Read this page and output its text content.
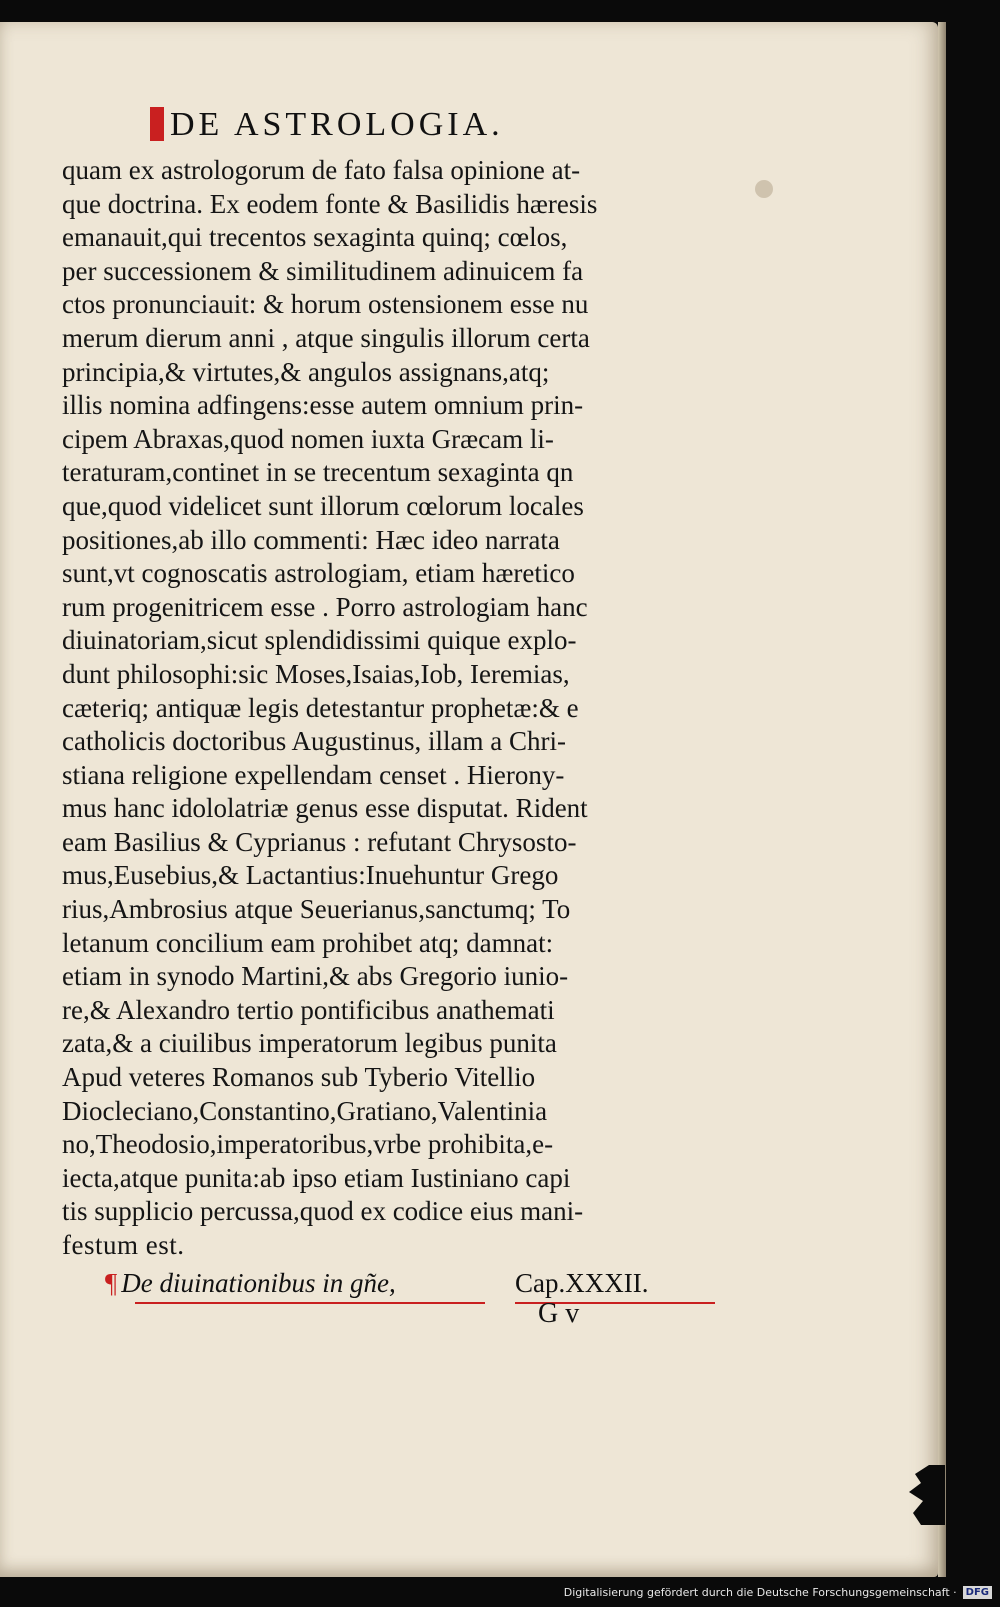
DE ASTROLOGIA.
quam ex astrologorum de fato falsa opinione at-
que doctrina. Ex eodem fonte & Basilidis hæresis
emanauit,qui trecentos sexaginta quinq; cœlos,
per successionem & similitudinem adinuicem fa
ctos pronunciauit: & horum ostensionem esse nu
merum dierum anni , atque singulis illorum certa
principia,& virtutes,& angulos assignans,atq;
illis nomina adfingens:esse autem omnium prin-
cipem Abraxas,quod nomen iuxta Græcam li-
teraturam,continet in se trecentum sexaginta qn
que,quod videlicet sunt illorum cœlorum locales
positiones,ab illo commenti: Hæc ideo narrata
sunt,vt cognoscatis astrologiam, etiam hæretico
rum progenitricem esse . Porro astrologiam hanc
diuinatoriam,sicut splendidissimi quique explo-
dunt philosophi:sic Moses,Isaias,Iob, Ieremias,
cæteriq; antiquæ legis detestantur prophetæ:& e
catholicis doctoribus Augustinus, illam a Chri-
stiana religione expellendam censet . Hierony-
mus hanc idololatriæ genus esse disputat. Rident
eam Basilius & Cyprianus : refutant Chrysosto-
mus,Eusebius,& Lactantius:Inuehuntur Grego
rius,Ambrosius atque Seuerianus,sanctumq; To
letanum concilium eam prohibet atq; damnat:
etiam in synodo Martini,& abs Gregorio iunio-
re,& Alexandro tertio pontificibus anathemati
zata,& a ciuilibus imperatorum legibus punita
Apud veteres Romanos sub Tyberio Vitellio
Diocleciano,Constantino,Gratiano,Valentinia
no,Theodosio,imperatoribus,vrbe prohibita,e-
iecta,atque punita:ab ipso etiam Iustiniano capi
tis supplicio percussa,quod ex codice eius mani-
festum est.
¶ De diuinationibus in gñe,	Cap.XXXII.
G v
Digitalisierung gefördert durch die Deutsche Forschungsgemeinschaft · DFG
